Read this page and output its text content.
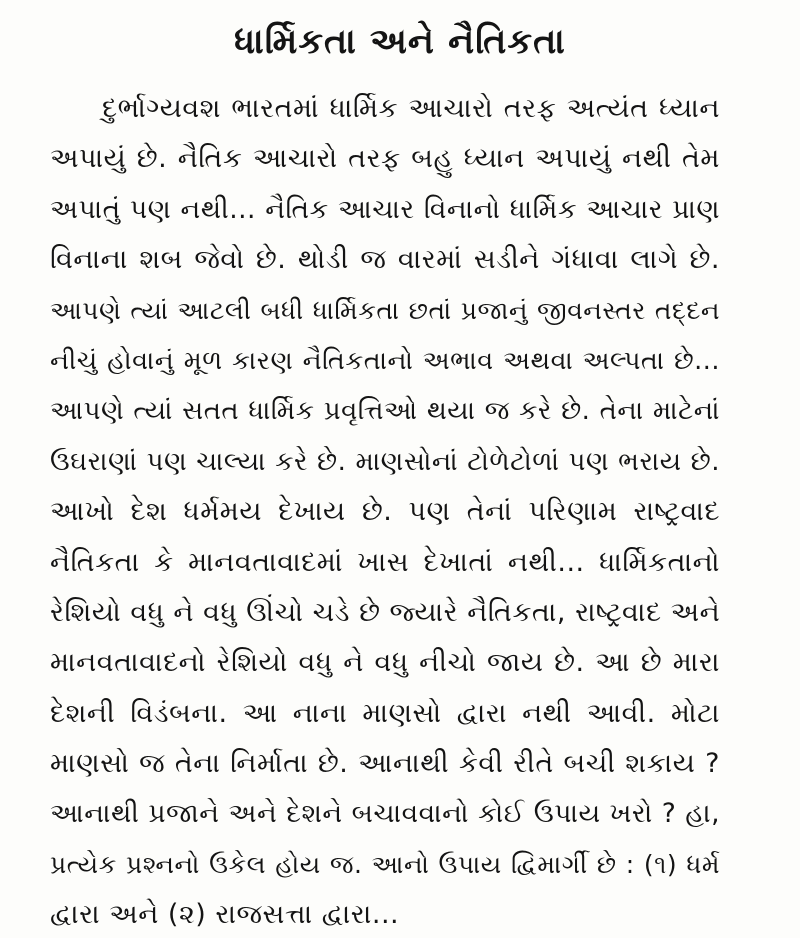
ધાર્મિકતા અને નૈતિકતા
દુર્ભાગ્યવશ ભારતમાં ધાર્મિક આચારો તરફ અત્યંત ધ્યાન
અપાયું છે. નૈતિક આચારો તરફ બહુ ધ્યાન અપાયું નથી તેમ
અપાતું પણ નથી... નૈતિક આચાર વિનાનો ધાર્મિક આચાર પ્રાણ
વિનાના શબ જેવો છે. થોડી જ વારમાં સડીને ગંધાવા લાગે છે.
આપણે ત્યાં આટલી બધી ધાર્મિકતા છતાં પ્રજાનું જીવનસ્તર તદ્દન
નીચું હોવાનું મૂળ કારણ નૈતિકતાનો અભાવ અથવા અલ્પતા છે...
આપણે ત્યાં સતત ધાર્મિક પ્રવૃત્તિઓ થયા જ કરે છે. તેના માટેનાં
ઉઘરાણાં પણ ચાલ્યા કરે છે. માણસોનાં ટોળેટોળાં પણ ભરાય છે.
આખો દેશ ધર્મમય દેખાય છે. પણ તેનાં પરિણામ રાષ્ટ્રવાદ
નૈતિકતા કે માનવતાવાદમાં ખાસ દેખાતાં નથી... ધાર્મિકતાનો
રેશિયો વધુ ને વધુ ઊંચો ચડે છે જ્યારે નૈતિકતા, રાષ્ટ્રવાદ અને
માનવતાવાદનો રેશિયો વધુ ને વધુ નીચો જાય છે. આ છે મારા
દેશની વિડંબના. આ નાના માણસો દ્વારા નથી આવી. મોટા
માણસો જ તેના નિર્માતા છે. આનાથી કેવી રીતે બચી શકાય ?
આનાથી પ્રજાને અને દેશને બચાવવાનો કોઈ ઉપાય ખરો ? હા,
પ્રત્યેક પ્રશ્નનો ઉકેલ હોય જ. આનો ઉપાય દ્વિમાર્ગી છે : (૧) ધર્મ
દ્વારા અને (૨) રાજસત્તા દ્વારા...
